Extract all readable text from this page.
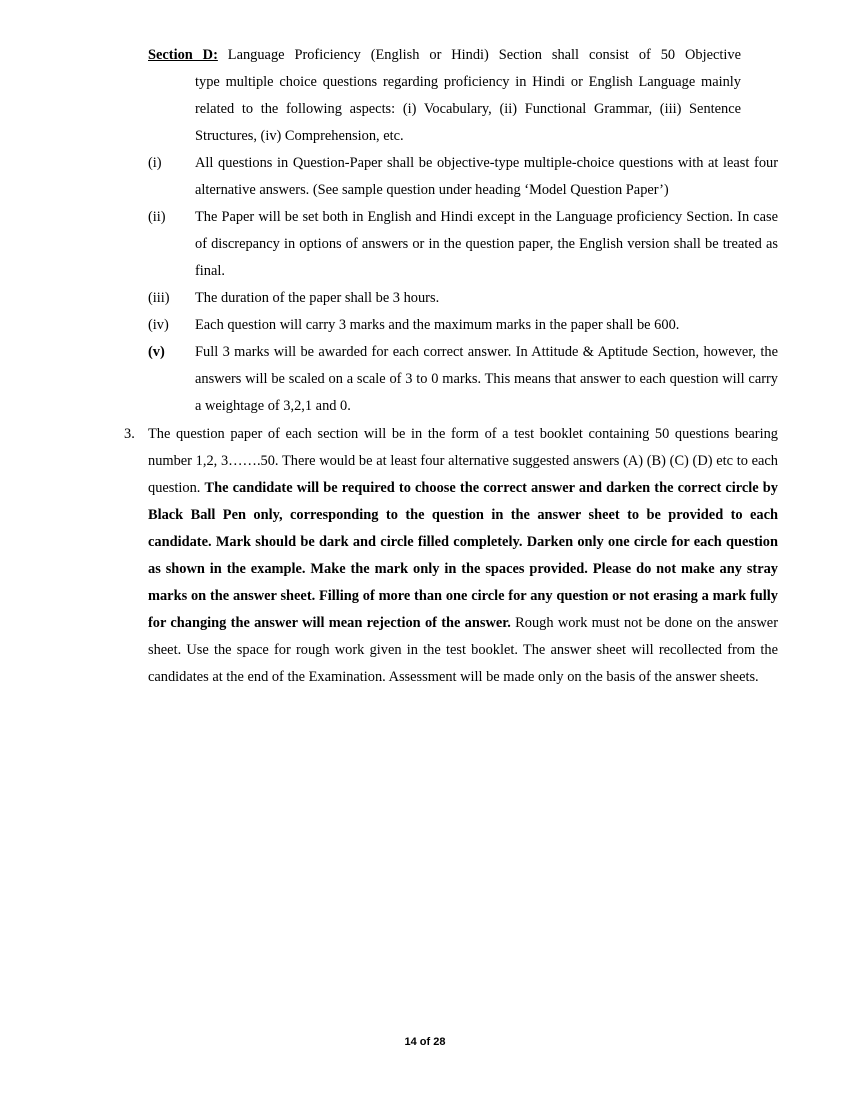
Section D: Language Proficiency (English or Hindi) Section shall consist of 50 Objective
type multiple choice questions regarding proficiency in Hindi or English Language mainly related to the following aspects: (i) Vocabulary, (ii) Functional Grammar, (iii) Sentence Structures, (iv) Comprehension, etc.
(i) All questions in Question-Paper shall be objective-type multiple-choice questions with at least four alternative answers. (See sample question under heading ‘Model Question Paper’)
(ii) The Paper will be set both in English and Hindi except in the Language proficiency Section. In case of discrepancy in options of answers or in the question paper, the English version shall be treated as final.
(iii) The duration of the paper shall be 3 hours.
(iv) Each question will carry 3 marks and the maximum marks in the paper shall be 600.
(v) Full 3 marks will be awarded for each correct answer. In Attitude & Aptitude Section, however, the answers will be scaled on a scale of 3 to 0 marks. This means that answer to each question will carry a weightage of 3,2,1 and 0.
3. The question paper of each section will be in the form of a test booklet containing 50 questions bearing number 1,2, 3…….50. There would be at least four alternative suggested answers (A) (B) (C) (D) etc to each question. The candidate will be required to choose the correct answer and darken the correct circle by Black Ball Pen only, corresponding to the question in the answer sheet to be provided to each candidate. Mark should be dark and circle filled completely. Darken only one circle for each question as shown in the example. Make the mark only in the spaces provided. Please do not make any stray marks on the answer sheet. Filling of more than one circle for any question or not erasing a mark fully for changing the answer will mean rejection of the answer. Rough work must not be done on the answer sheet. Use the space for rough work given in the test booklet. The answer sheet will recollected from the candidates at the end of the Examination. Assessment will be made only on the basis of the answer sheets.
14 of 28
